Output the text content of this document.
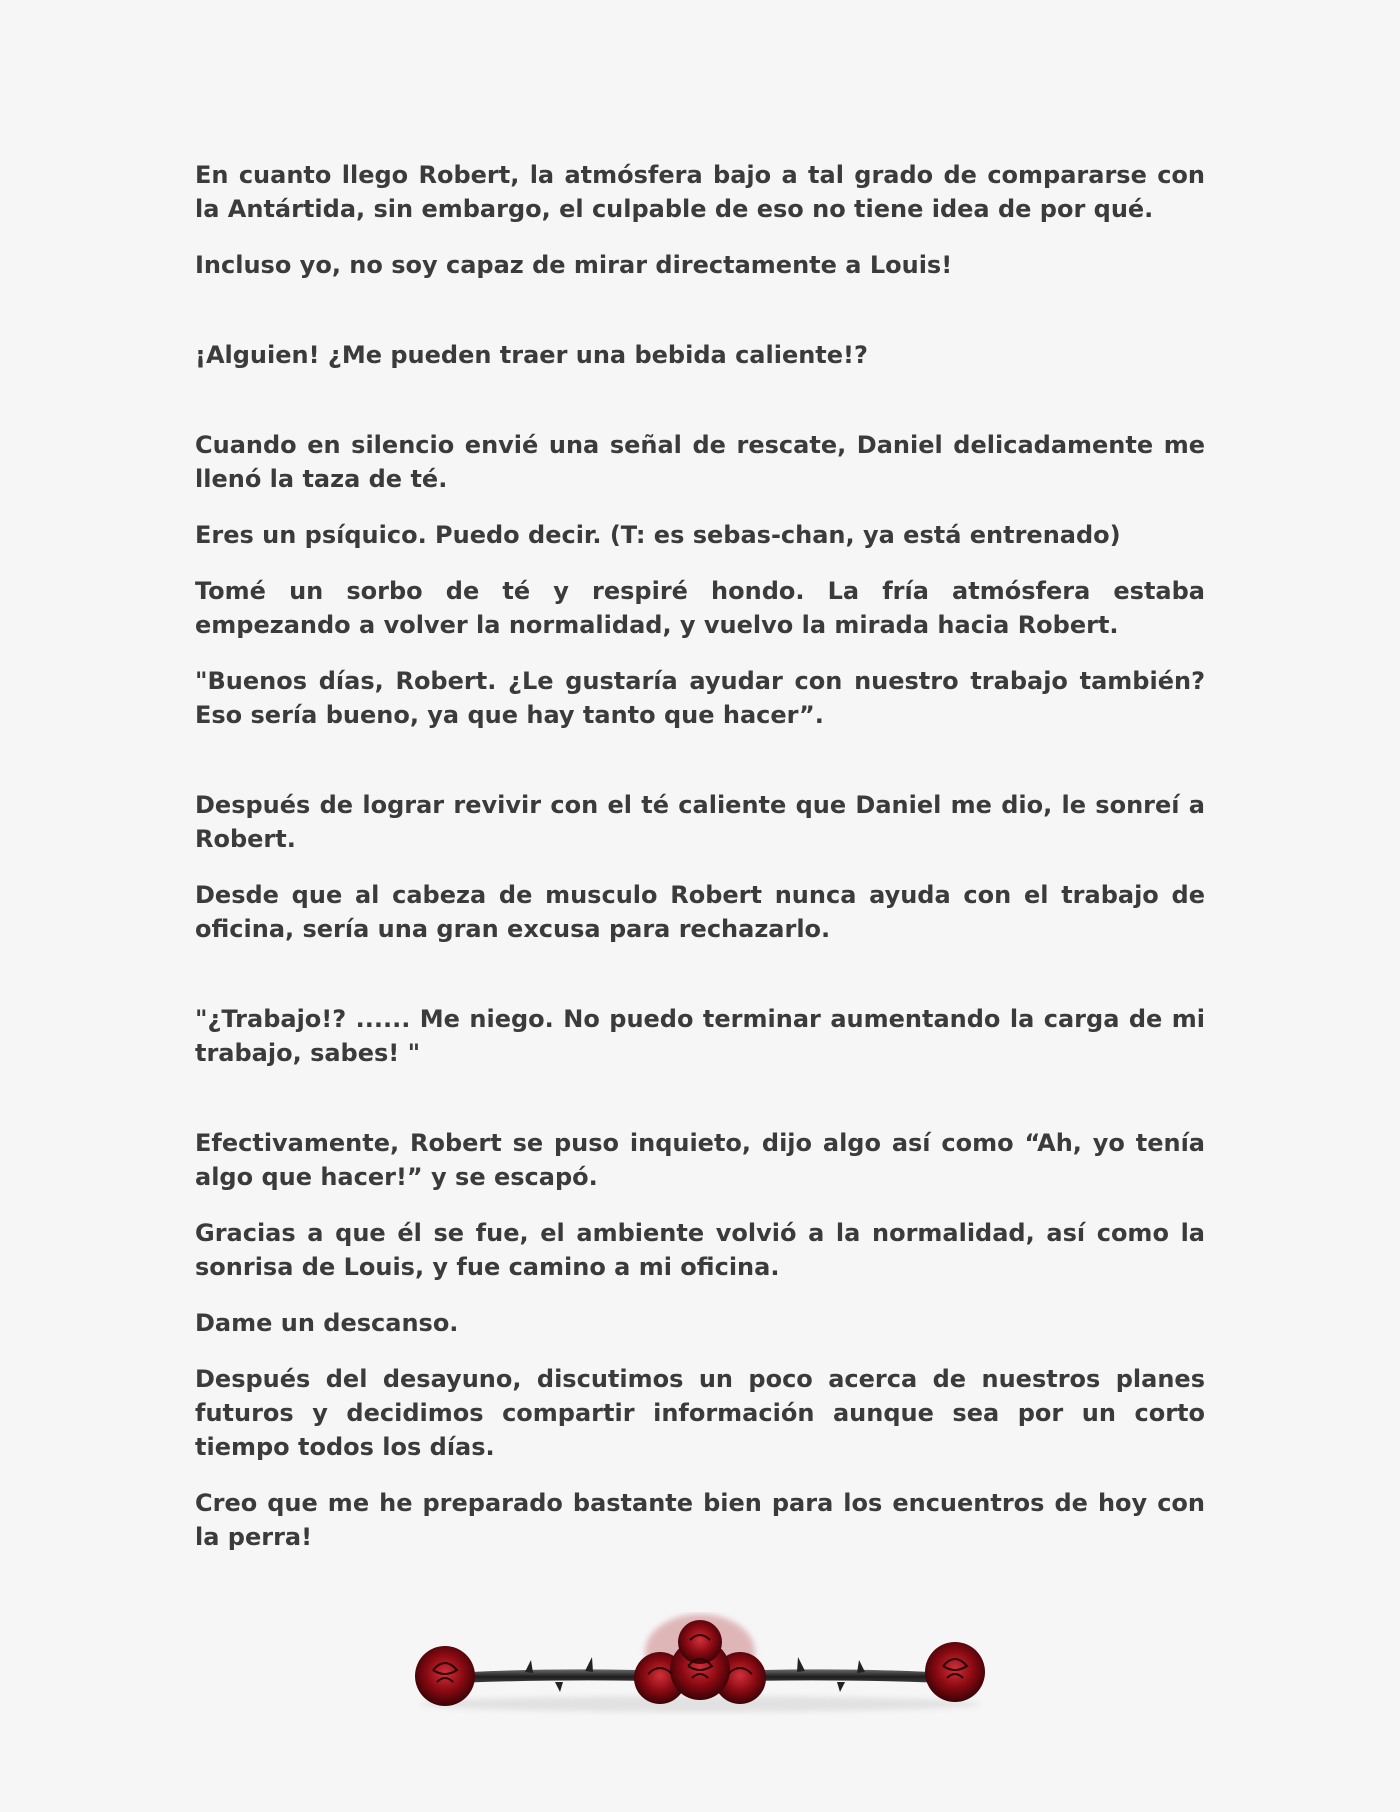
En cuanto llego Robert, la atmósfera bajo a tal grado de compararse con la Antártida, sin embargo, el culpable de eso no tiene idea de por qué.

Incluso yo, no soy capaz de mirar directamente a Louis!

¡Alguien! ¿Me pueden traer una bebida caliente!?

Cuando en silencio envié una señal de rescate, Daniel delicadamente me llenó la taza de té.

Eres un psíquico. Puedo decir. (T: es sebas-chan, ya está entrenado)

Tomé un sorbo de té y respiré hondo. La fría atmósfera estaba empezando a volver la normalidad, y vuelvo la mirada hacia Robert.

"Buenos días, Robert. ¿Le gustaría ayudar con nuestro trabajo también? Eso sería bueno, ya que hay tanto que hacer”.

Después de lograr revivir con el té caliente que Daniel me dio, le sonreí a Robert.

Desde que al cabeza de musculo Robert nunca ayuda con el trabajo de oficina, sería una gran excusa para rechazarlo.

"¿Trabajo!? ...... Me niego. No puedo terminar aumentando la carga de mi trabajo, sabes! "

Efectivamente, Robert se puso inquieto, dijo algo así como “Ah, yo tenía algo que hacer!” y se escapó.

Gracias a que él se fue, el ambiente volvió a la normalidad, así como la sonrisa de Louis, y fue camino a mi oficina.

Dame un descanso.

Después del desayuno, discutimos un poco acerca de nuestros planes futuros y decidimos compartir información aunque sea por un corto tiempo todos los días.

Creo que me he preparado bastante bien para los encuentros de hoy con la perra!
